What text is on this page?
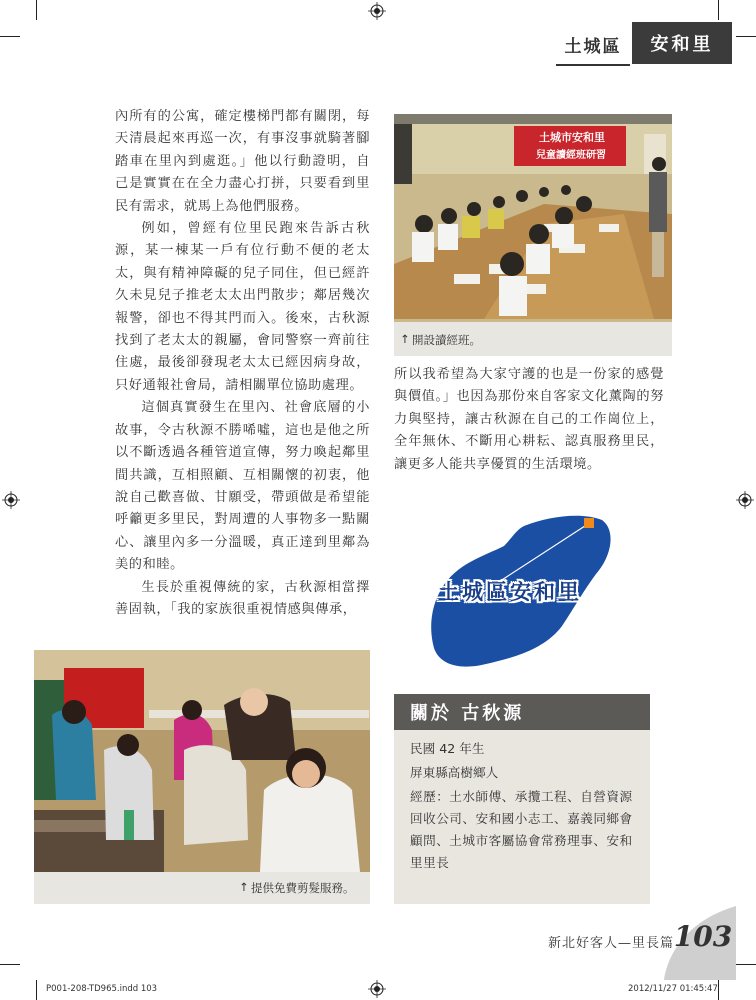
土城區	安和里

內所有的公寓，確定樓梯門都有關閉，每天清晨起來再巡一次，有事沒事就騎著腳踏車在里內到處逛。」他以行動證明，自己是實實在在全力盡心打拼，只要看到里民有需求，就馬上為他們服務。

例如，曾經有位里民跑來告訴古秋源，某一棟某一戶有位行動不便的老太太，與有精神障礙的兒子同住，但已經許久未見兒子推老太太出門散步；鄰居幾次報警，卻也不得其門而入。後來，古秋源找到了老太太的親屬，會同警察一齊前往住處，最後卻發現老太太已經因病身故，只好通報社會局，請相關單位協助處理。

這個真實發生在里內、社會底層的小故事，令古秋源不勝唏噓，這也是他之所以不斷透過各種管道宣傳，努力喚起鄰里間共識，互相照顧、互相關懷的初衷，他說自己歡喜做、甘願受，帶頭做是希望能呼籲更多里民，對周遭的人事物多一點關心、讓里內多一分溫暖，真正達到里鄰為美的和睦。

生長於重視傳統的家，古秋源相當擇善固執，「我的家族很重視情感與傳承，

土城市安和里
兒童讀經班研習
↑ 開設讀經班。

所以我希望為大家守護的也是一份家的感覺與價值。」也因為那份來自客家文化薰陶的努力與堅持，讓古秋源在自己的工作崗位上，全年無休、不斷用心耕耘、認真服務里民，讓更多人能共享優質的生活環境。

土城區安和里
↑ 提供免費剪髮服務。
關於 古秋源
民國 42 年生
屏東縣高樹鄉人
經歷：土水師傅、承攬工程、自營資源回收公司、安和國小志工、嘉義同鄉會顧問、土城市客屬協會常務理事、安和里里長
新北好客人—里長篇 103
P001-208-TD965.indd 103	2012/11/27 01:45:47
